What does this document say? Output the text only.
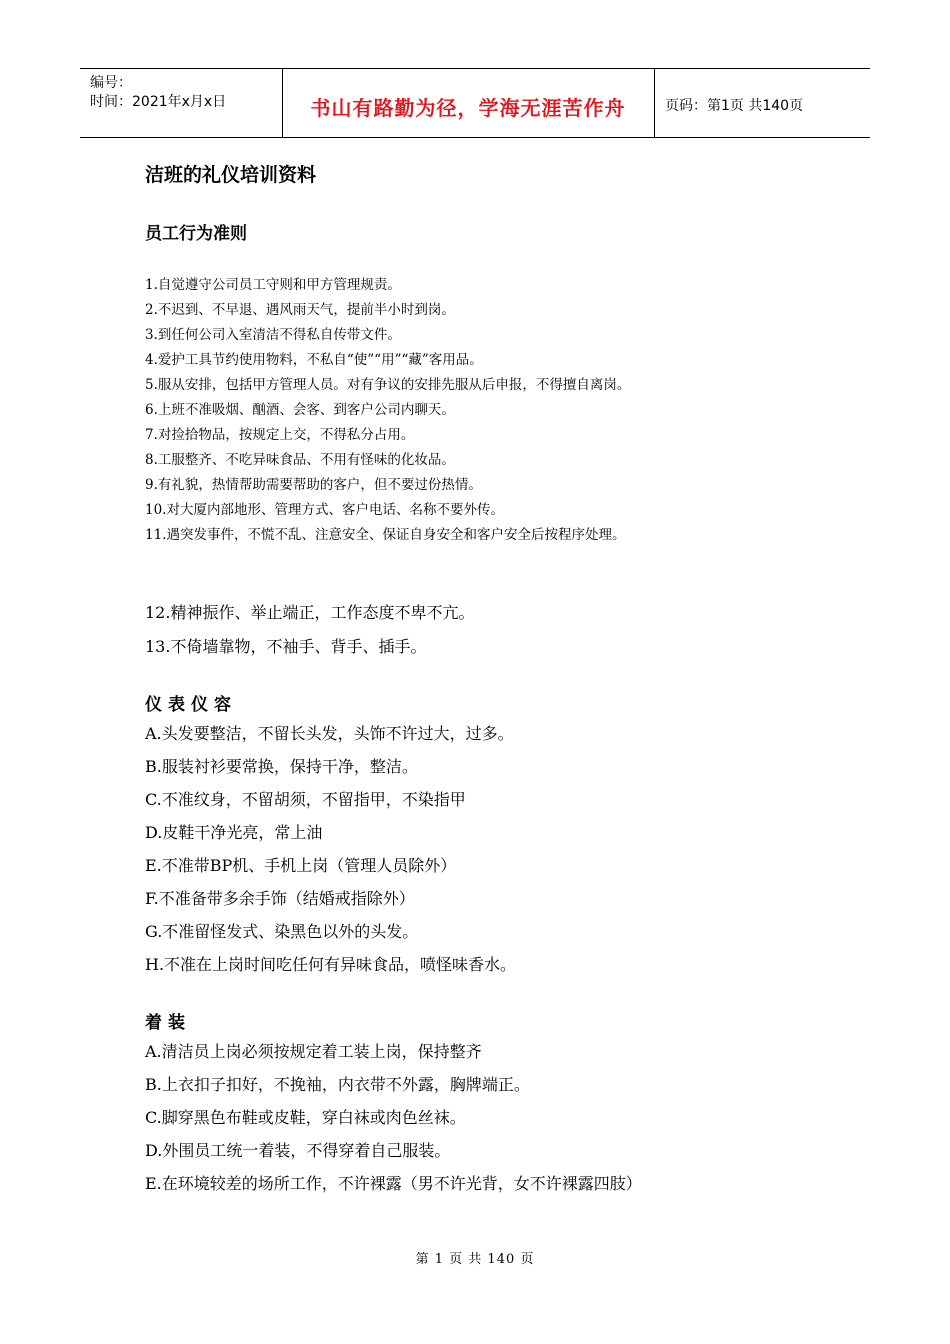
编号：
时间：2021年x月x日	书山有路勤为径，学海无涯苦作舟	页码：第1页 共140页
洁班的礼仪培训资料
员工行为准则
1.自觉遵守公司员工守则和甲方管理规责。
2.不迟到、不早退、遇风雨天气，提前半小时到岗。
3.到任何公司入室清洁不得私自传带文件。
4.爱护工具节约使用物料，不私自“使”“用”“藏”客用品。
5.服从安排，包括甲方管理人员。对有争议的安排先服从后申报，不得擅自离岗。
6.上班不准吸烟、酗酒、会客、到客户公司内聊天。
7.对捡拾物品，按规定上交，不得私分占用。
8.工服整齐、不吃异味食品、不用有怪味的化妆品。
9.有礼貌，热情帮助需要帮助的客户，但不要过份热情。
10.对大厦内部地形、管理方式、客户电话、名称不要外传。
11.遇突发事件，不慌不乱、注意安全、保证自身安全和客户安全后按程序处理。
12.精神振作、举止端正，工作态度不卑不亢。
13.不倚墙靠物，不袖手、背手、插手。
仪表仪容
A.头发要整洁，不留长头发，头饰不许过大，过多。
B.服装衬衫要常换，保持干净，整洁。
C.不准纹身，不留胡须，不留指甲，不染指甲
D.皮鞋干净光亮，常上油
E.不准带BP机、手机上岗（管理人员除外）
F.不准备带多余手饰（结婚戒指除外）
G.不准留怪发式、染黑色以外的头发。
H.不准在上岗时间吃任何有异味食品，喷怪味香水。
着装
A.清洁员上岗必须按规定着工装上岗，保持整齐
B.上衣扣子扣好，不挽袖，内衣带不外露，胸牌端正。
C.脚穿黑色布鞋或皮鞋，穿白袜或肉色丝袜。
D.外围员工统一着装，不得穿着自己服装。
E.在环境较差的场所工作，不许裸露（男不许光背，女不许裸露四肢）
第 1 页 共 140 页
